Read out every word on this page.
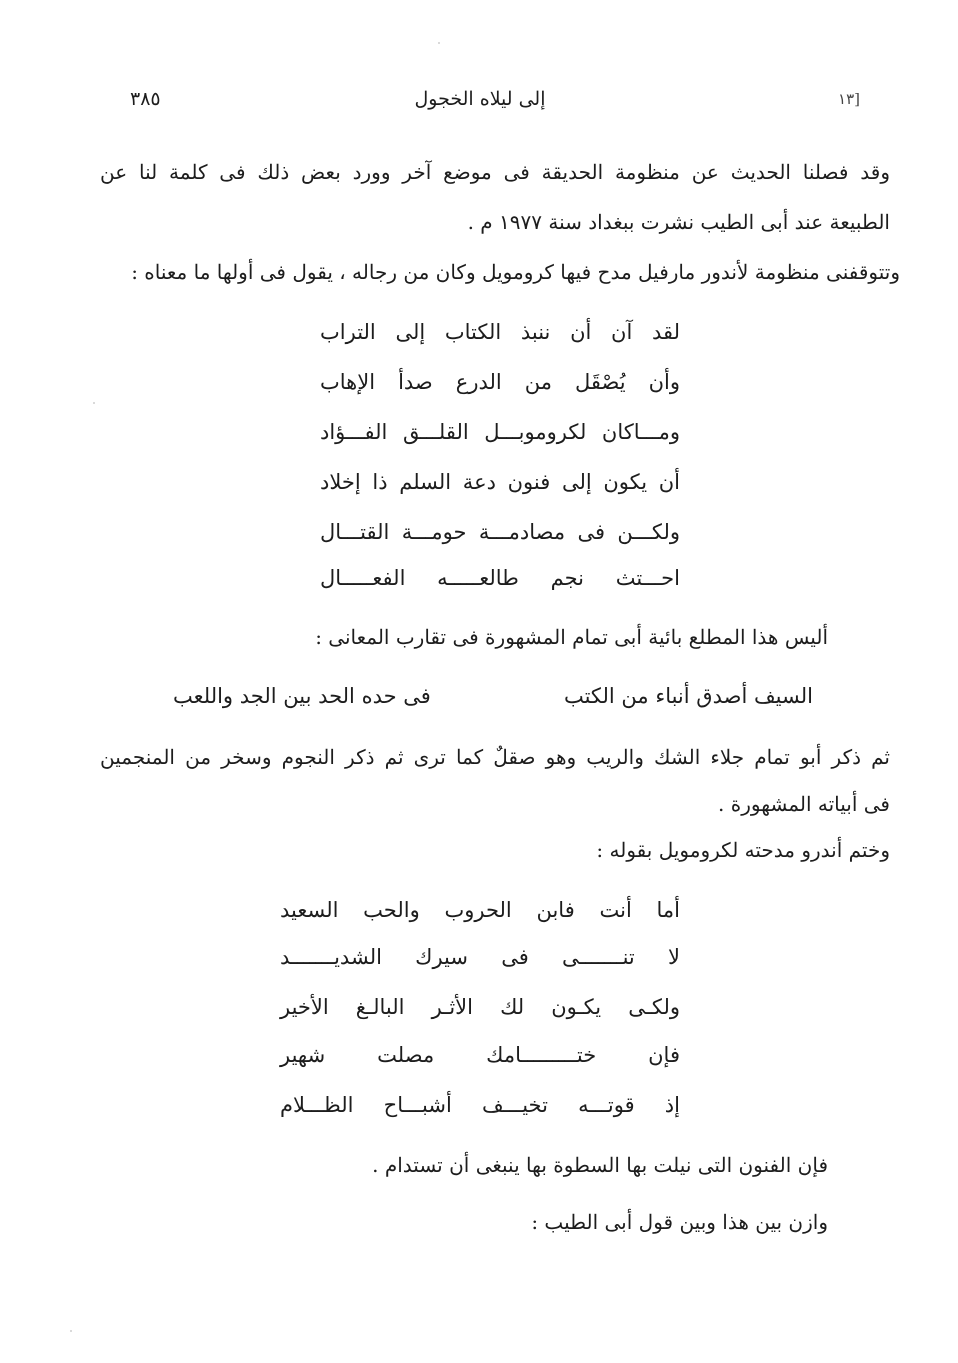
[١٣
إلى ليلاه الخجول
٣٨٥
وقد فصلنا الحديث عن منظومة الحديقة فى موضع آخر وورد بعض ذلك فى كلمة لنا عن
الطبيعة عند أبى الطيب نشرت ببغداد سنة ١٩٧٧ م .
وتتوقفنى منظومة لأندور مارفيل مدح فيها كرومويل وكان من رجاله ، يقول فى أولها ما معناه :
لقد آن أن ننبذ الكتاب إلى التراب
وأن يُصْقَل من الدرع صدأ الإهاب
ومـــاكان لكروموبـــل القلـــق الفـــؤاد
أن يكون إلى فنون دعة السلم ذا إخلاد
ولكـــن فى مصادمـــة حومـــة القتـــال
احـــتث نجم طالعـــــه الفعـــــال
أليس هذا المطلع بائية أبى تمام المشهورة فى تقارب المعانى :
السيف أصدق أنباء من الكتب
فى حده الحد بين الجد واللعب
ثم ذكر أبو تمام جلاء الشك والريب وهو صقلٌ كما ترى ثم ذكر النجوم وسخر من المنجمين
فى أبياته المشهورة .
وختم أندرو مدحته لكرومويل بقوله :
أما أنت فابن الحروب والحب السعيد
لا تنـــــــى فى سيرك الشديـــــــد
ولكـى يكـون لك الأثـر البالـغ الأخير
فإن ختـــــــــامك مصلت شهير
إذ قوتـــه تخيـــف أشبـــاح الظـــلام
فإن الفنون التى نيلت بها السطوة بها ينبغى أن تستدام .
وازن بين هذا وبين قول أبى الطيب :
